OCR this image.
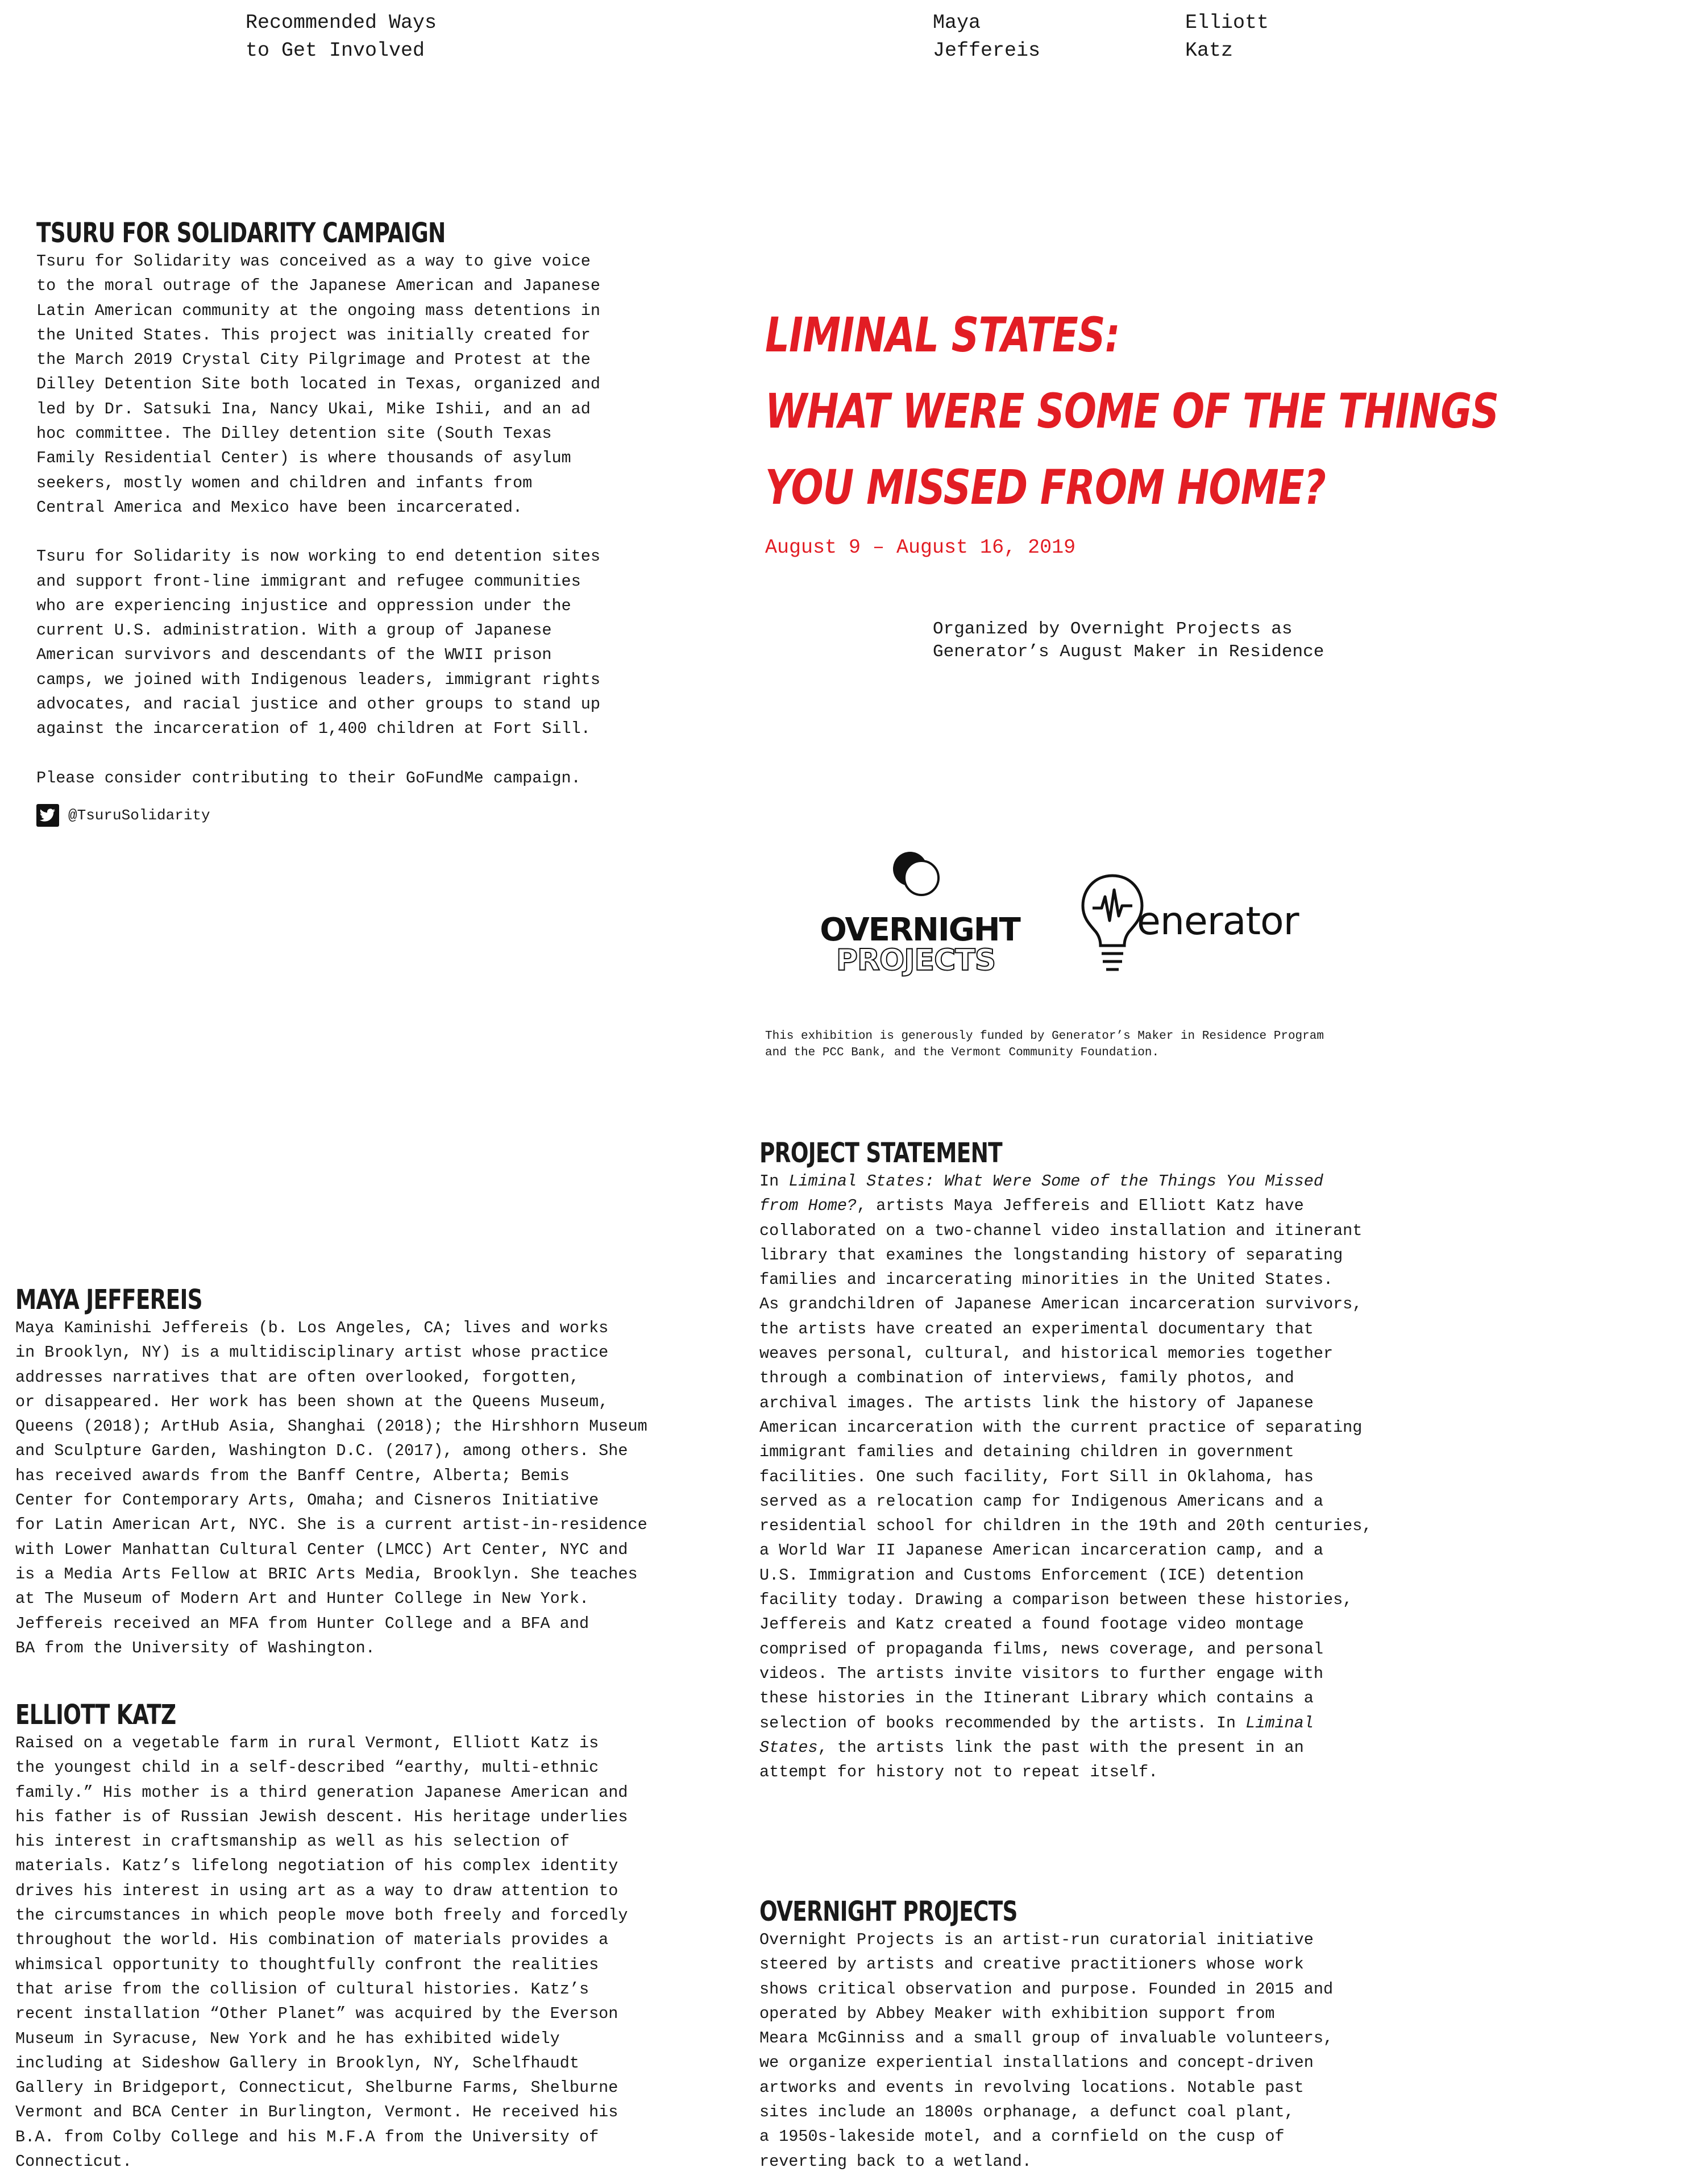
Recommended Ways
to Get Involved
Maya
Jeffereis
Elliott
Katz
TSURU FOR SOLIDARITY CAMPAIGN
Tsuru for Solidarity was conceived as a way to give voice
to the moral outrage of the Japanese American and Japanese
Latin American community at the ongoing mass detentions in
the United States. This project was initially created for
the March 2019 Crystal City Pilgrimage and Protest at the
Dilley Detention Site both located in Texas, organized and
led by Dr. Satsuki Ina, Nancy Ukai, Mike Ishii, and an ad
hoc committee. The Dilley detention site (South Texas
Family Residential Center) is where thousands of asylum
seekers, mostly women and children and infants from
Central America and Mexico have been incarcerated.
Tsuru for Solidarity is now working to end detention sites
and support front-line immigrant and refugee communities
who are experiencing injustice and oppression under the
current U.S. administration. With a group of Japanese
American survivors and descendants of the WWII prison
camps, we joined with Indigenous leaders, immigrant rights
advocates, and racial justice and other groups to stand up
against the incarceration of 1,400 children at Fort Sill.
Please consider contributing to their GoFundMe campaign.
@TsuruSolidarity
LIMINAL STATES:
WHAT WERE SOME OF THE THINGS
YOU MISSED FROM HOME?
August 9 – August 16, 2019
Organized by Overnight Projects as
Generator’s August Maker in Residence
OVERNIGHT
PROJECTS
enerator
This exhibition is generously funded by Generator’s Maker in Residence Program
and the PCC Bank, and the Vermont Community Foundation.
PROJECT STATEMENT
In Liminal States: What Were Some of the Things You Missed
from Home?, artists Maya Jeffereis and Elliott Katz have
collaborated on a two-channel video installation and itinerant
library that examines the longstanding history of separating
families and incarcerating minorities in the United States.
As grandchildren of Japanese American incarceration survivors,
the artists have created an experimental documentary that
weaves personal, cultural, and historical memories together
through a combination of interviews, family photos, and
archival images. The artists link the history of Japanese
American incarceration with the current practice of separating
immigrant families and detaining children in government
facilities. One such facility, Fort Sill in Oklahoma, has
served as a relocation camp for Indigenous Americans and a
residential school for children in the 19th and 20th centuries,
a World War II Japanese American incarceration camp, and a
U.S. Immigration and Customs Enforcement (ICE) detention
facility today. Drawing a comparison between these histories,
Jeffereis and Katz created a found footage video montage
comprised of propaganda films, news coverage, and personal
videos. The artists invite visitors to further engage with
these histories in the Itinerant Library which contains a
selection of books recommended by the artists. In Liminal
States, the artists link the past with the present in an
attempt for history not to repeat itself.
MAYA JEFFEREIS
Maya Kaminishi Jeffereis (b. Los Angeles, CA; lives and works
in Brooklyn, NY) is a multidisciplinary artist whose practice
addresses narratives that are often overlooked, forgotten,
or disappeared. Her work has been shown at the Queens Museum,
Queens (2018); ArtHub Asia, Shanghai (2018); the Hirshhorn Museum
and Sculpture Garden, Washington D.C. (2017), among others. She
has received awards from the Banff Centre, Alberta; Bemis
Center for Contemporary Arts, Omaha; and Cisneros Initiative
for Latin American Art, NYC. She is a current artist-in-residence
with Lower Manhattan Cultural Center (LMCC) Art Center, NYC and
is a Media Arts Fellow at BRIC Arts Media, Brooklyn. She teaches
at The Museum of Modern Art and Hunter College in New York.
Jeffereis received an MFA from Hunter College and a BFA and
BA from the University of Washington.
ELLIOTT KATZ
Raised on a vegetable farm in rural Vermont, Elliott Katz is
the youngest child in a self-described “earthy, multi-ethnic
family.” His mother is a third generation Japanese American and
his father is of Russian Jewish descent. His heritage underlies
his interest in craftsmanship as well as his selection of
materials. Katz’s lifelong negotiation of his complex identity
drives his interest in using art as a way to draw attention to
the circumstances in which people move both freely and forcedly
throughout the world. His combination of materials provides a
whimsical opportunity to thoughtfully confront the realities
that arise from the collision of cultural histories. Katz’s
recent installation “Other Planet” was acquired by the Everson
Museum in Syracuse, New York and he has exhibited widely
including at Sideshow Gallery in Brooklyn, NY, Schelfhaudt
Gallery in Bridgeport, Connecticut, Shelburne Farms, Shelburne
Vermont and BCA Center in Burlington, Vermont. He received his
B.A. from Colby College and his M.F.A from the University of
Connecticut.
OVERNIGHT PROJECTS
Overnight Projects is an artist-run curatorial initiative
steered by artists and creative practitioners whose work
shows critical observation and purpose. Founded in 2015 and
operated by Abbey Meaker with exhibition support from
Meara McGinniss and a small group of invaluable volunteers,
we organize experiential installations and concept-driven
artworks and events in revolving locations. Notable past
sites include an 1800s orphanage, a defunct coal plant,
a 1950s-lakeside motel, and a cornfield on the cusp of
reverting back to a wetland.
